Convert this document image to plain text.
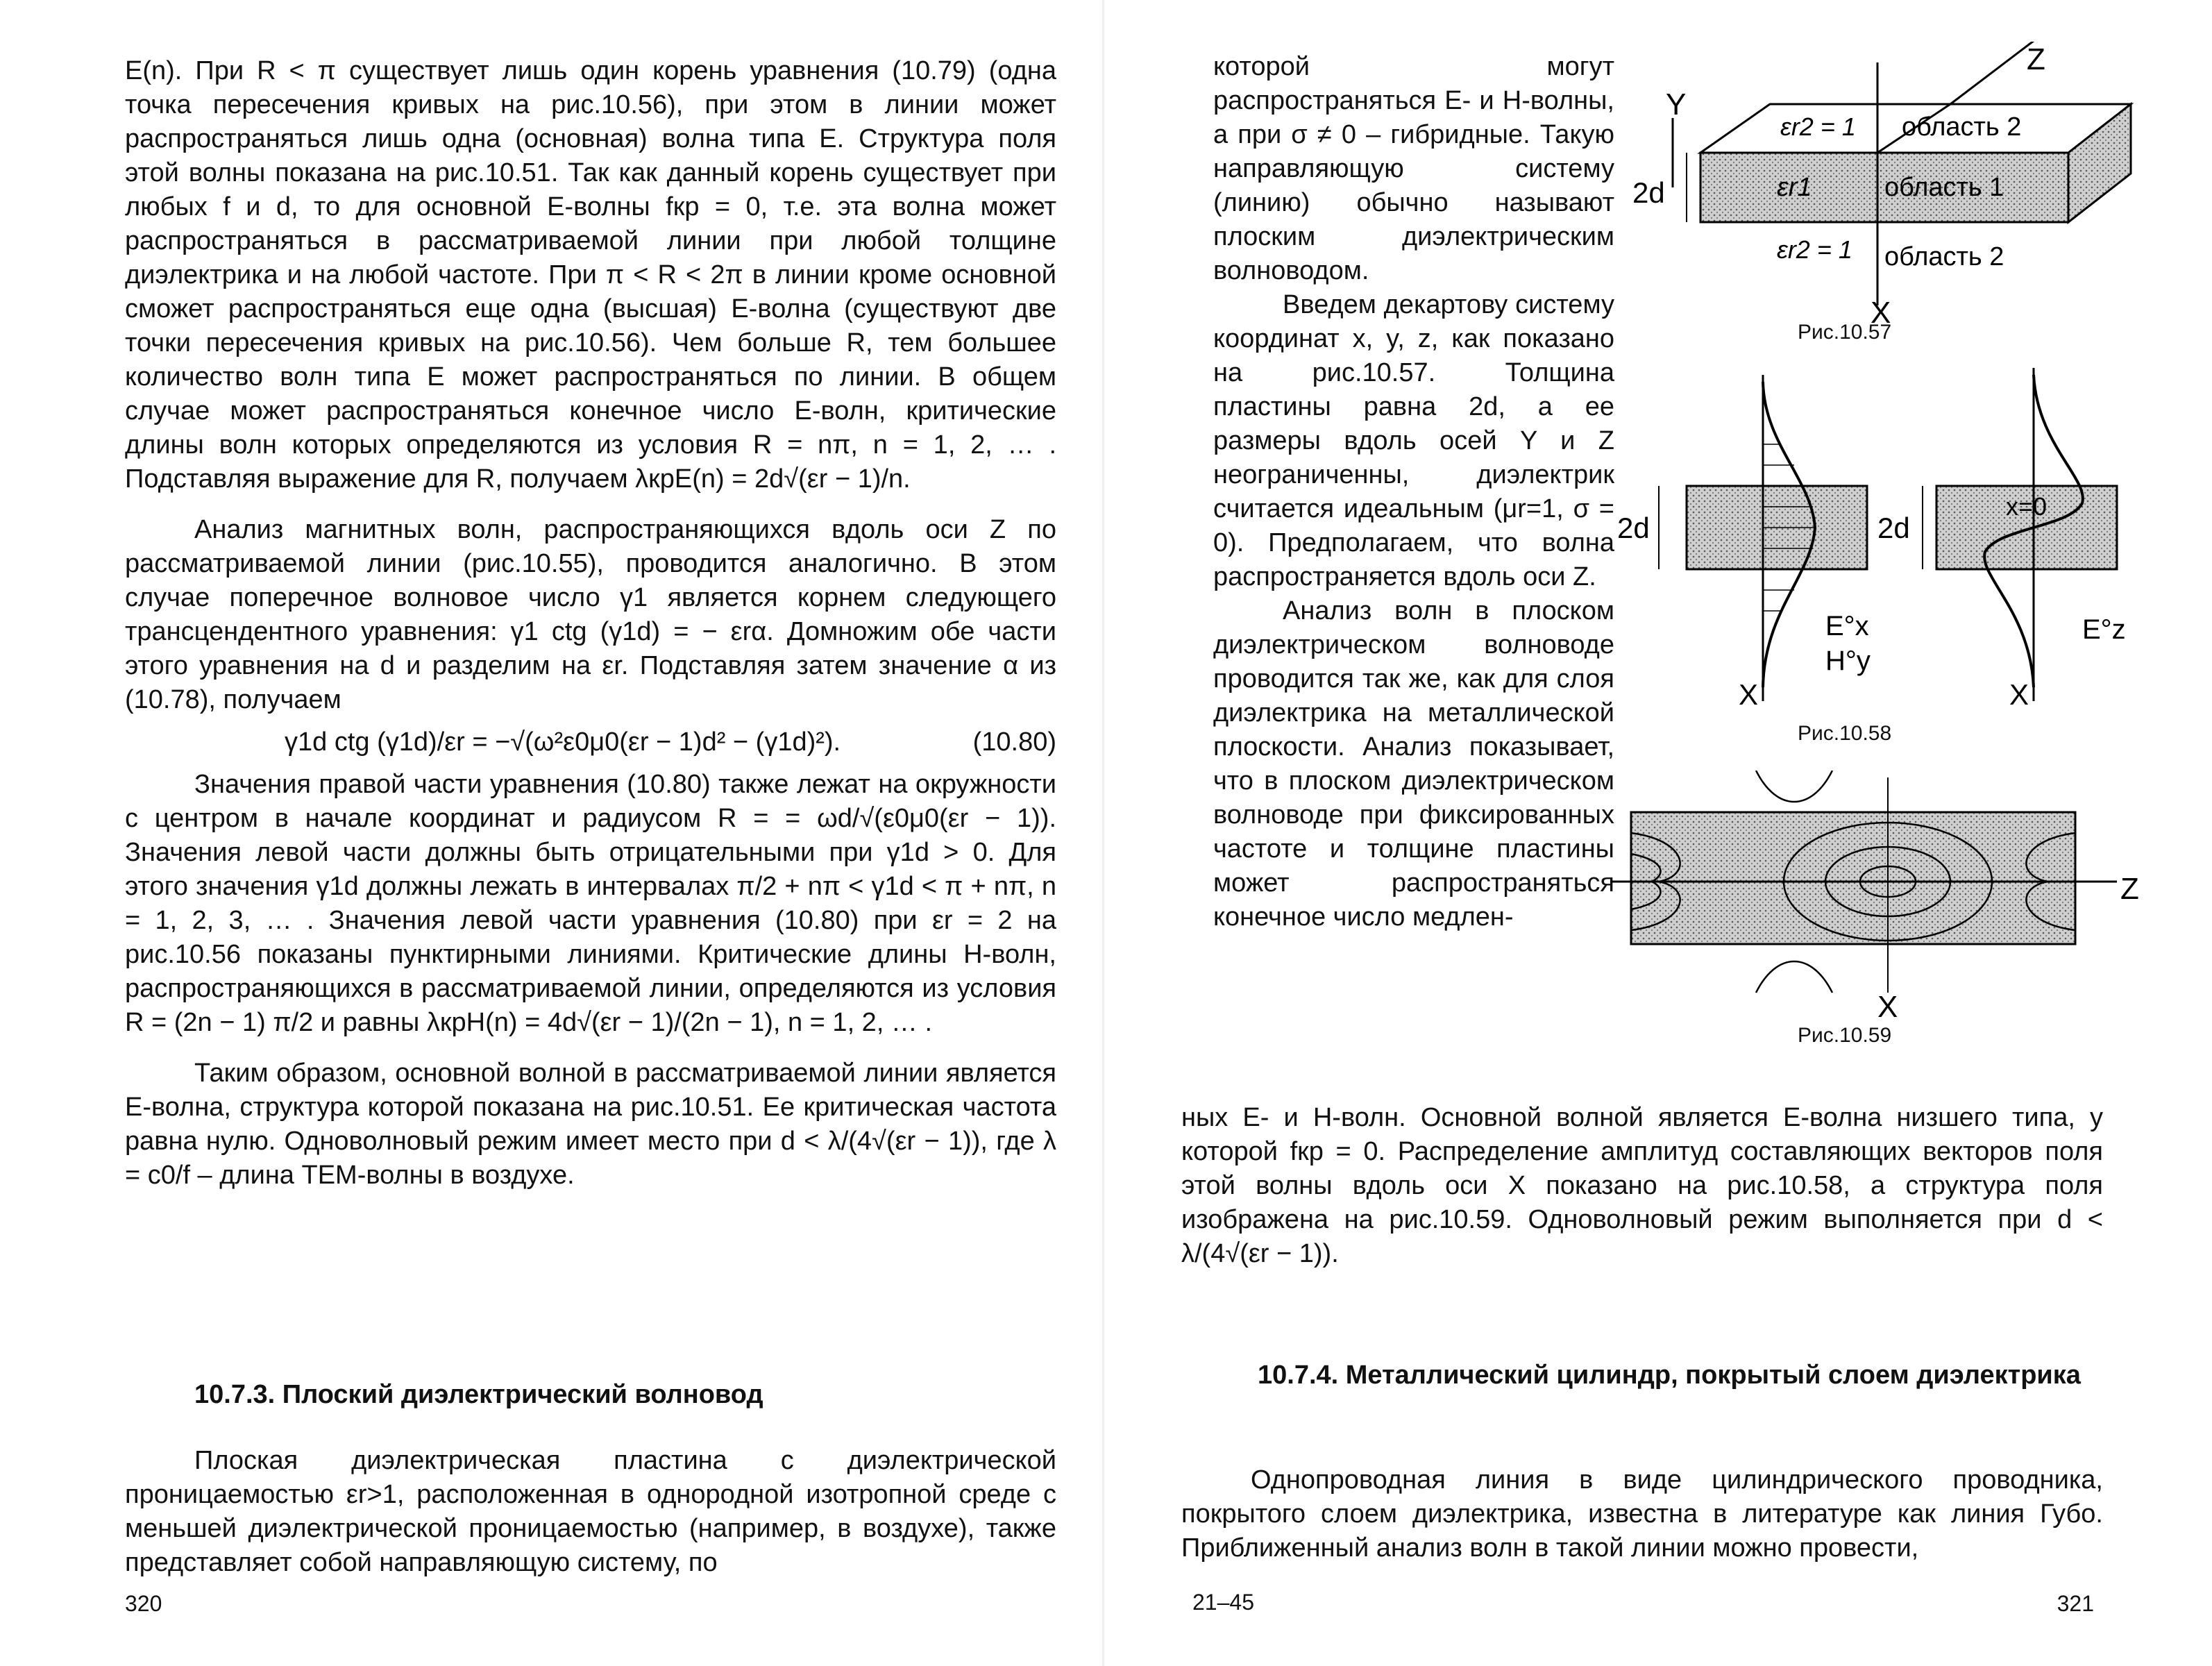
E(n). При R < π существует лишь один корень уравнения (10.79) (одна точка пересечения кривых на рис.10.56), при этом в линии может распространяться лишь одна (основная) волна типа E. Структура поля этой волны показана на рис.10.51. Так как данный корень существует при любых f и d, то для основной E-волны fкр = 0, т.е. эта волна может распространяться в рассматриваемой линии при любой толщине диэлектрика и на любой частоте. При π < R < 2π в линии кроме основной сможет распространяться еще одна (высшая) E-волна (существуют две точки пересечения кривых на рис.10.56). Чем больше R, тем большее количество волн типа E может распространяться по линии. В общем случае может распространяться конечное число E-волн, критические длины волн которых определяются из условия R = nπ, n = 1, 2, … . Подставляя выражение для R, получаем λкрE(n) = 2d√(εr − 1)/n.

Анализ магнитных волн, распространяющихся вдоль оси Z по рассматриваемой линии (рис.10.55), проводится аналогично. В этом случае поперечное волновое число γ1 является корнем следующего трансцендентного уравнения: γ1 ctg (γ1d) = − εrα. Домножим обе части этого уравнения на d и разделим на εr. Подставляя затем значение α из (10.78), получаем

γ1d ctg (γ1d)/εr = −√(ω²ε0μ0(εr − 1)d² − (γ1d)²).	(10.80)

Значения правой части уравнения (10.80) также лежат на окружности с центром в начале координат и радиусом R = = ωd/√(ε0μ0(εr − 1)). Значения левой части должны быть отрицательными при γ1d > 0. Для этого значения γ1d должны лежать в интервалах π/2 + nπ < γ1d < π + nπ, n = 1, 2, 3, … . Значения левой части уравнения (10.80) при εr = 2 на рис.10.56 показаны пунктирными линиями. Критические длины H-волн, распространяющихся в рассматриваемой линии, определяются из условия R = (2n − 1) π/2 и равны λкрH(n) = 4d√(εr − 1)/(2n − 1), n = 1, 2, … .

Таким образом, основной волной в рассматриваемой линии является E-волна, структура которой показана на рис.10.51. Ее критическая частота равна нулю. Одноволновый режим имеет место при d < λ/(4√(εr − 1)), где λ = c0/f – длина TEM-волны в воздухе.

10.7.3. Плоский диэлектрический волновод
Плоская диэлектрическая пластина с диэлектрической проницаемостью εr>1, расположенная в однородной изотропной среде с меньшей диэлектрической проницаемостью (например, в воздухе), также представляет собой направляющую систему, по
320

которой могут распространяться E- и H-волны, а при σ ≠ 0 – гибридные. Такую направляющую систему (линию) обычно называют плоским диэлектрическим волноводом.

Введем декартову систему координат x, y, z, как показано на рис.10.57. Толщина пластины равна 2d, а ее размеры вдоль осей Y и Z неограниченны, диэлектрик считается идеальным (μr=1, σ = 0). Предполагаем, что волна распространяется вдоль оси Z.

Анализ волн в плоском диэлектрическом волноводе проводится так же, как для слоя диэлектрика на металлической плоскости. Анализ показывает, что в плоском диэлектрическом волноводе при фиксированных частоте и толщине пластины может распространяться конечное число медлен-

Z
Y
X
2d
εr2 = 1
εr1
εr2 = 1
область 2
область 1
область 2
Рис.10.57
2d
E°x
H°y
X
2d
x=0
E°z
X
Рис.10.58
Z
X
Рис.10.59
ных E- и H-волн. Основной волной является E-волна низшего типа, у которой fкр = 0. Распределение амплитуд составляющих векторов поля этой волны вдоль оси X показано на рис.10.58, а структура поля изображена на рис.10.59. Одноволновый режим выполняется при d < λ/(4√(εr − 1)).
10.7.4. Металлический цилиндр, покрытый слоем диэлектрика
Однопроводная линия в виде цилиндрического проводника, покрытого слоем диэлектрика, известна в литературе как линия Губо. Приближенный анализ волн в такой линии можно провести,
21–45	321
